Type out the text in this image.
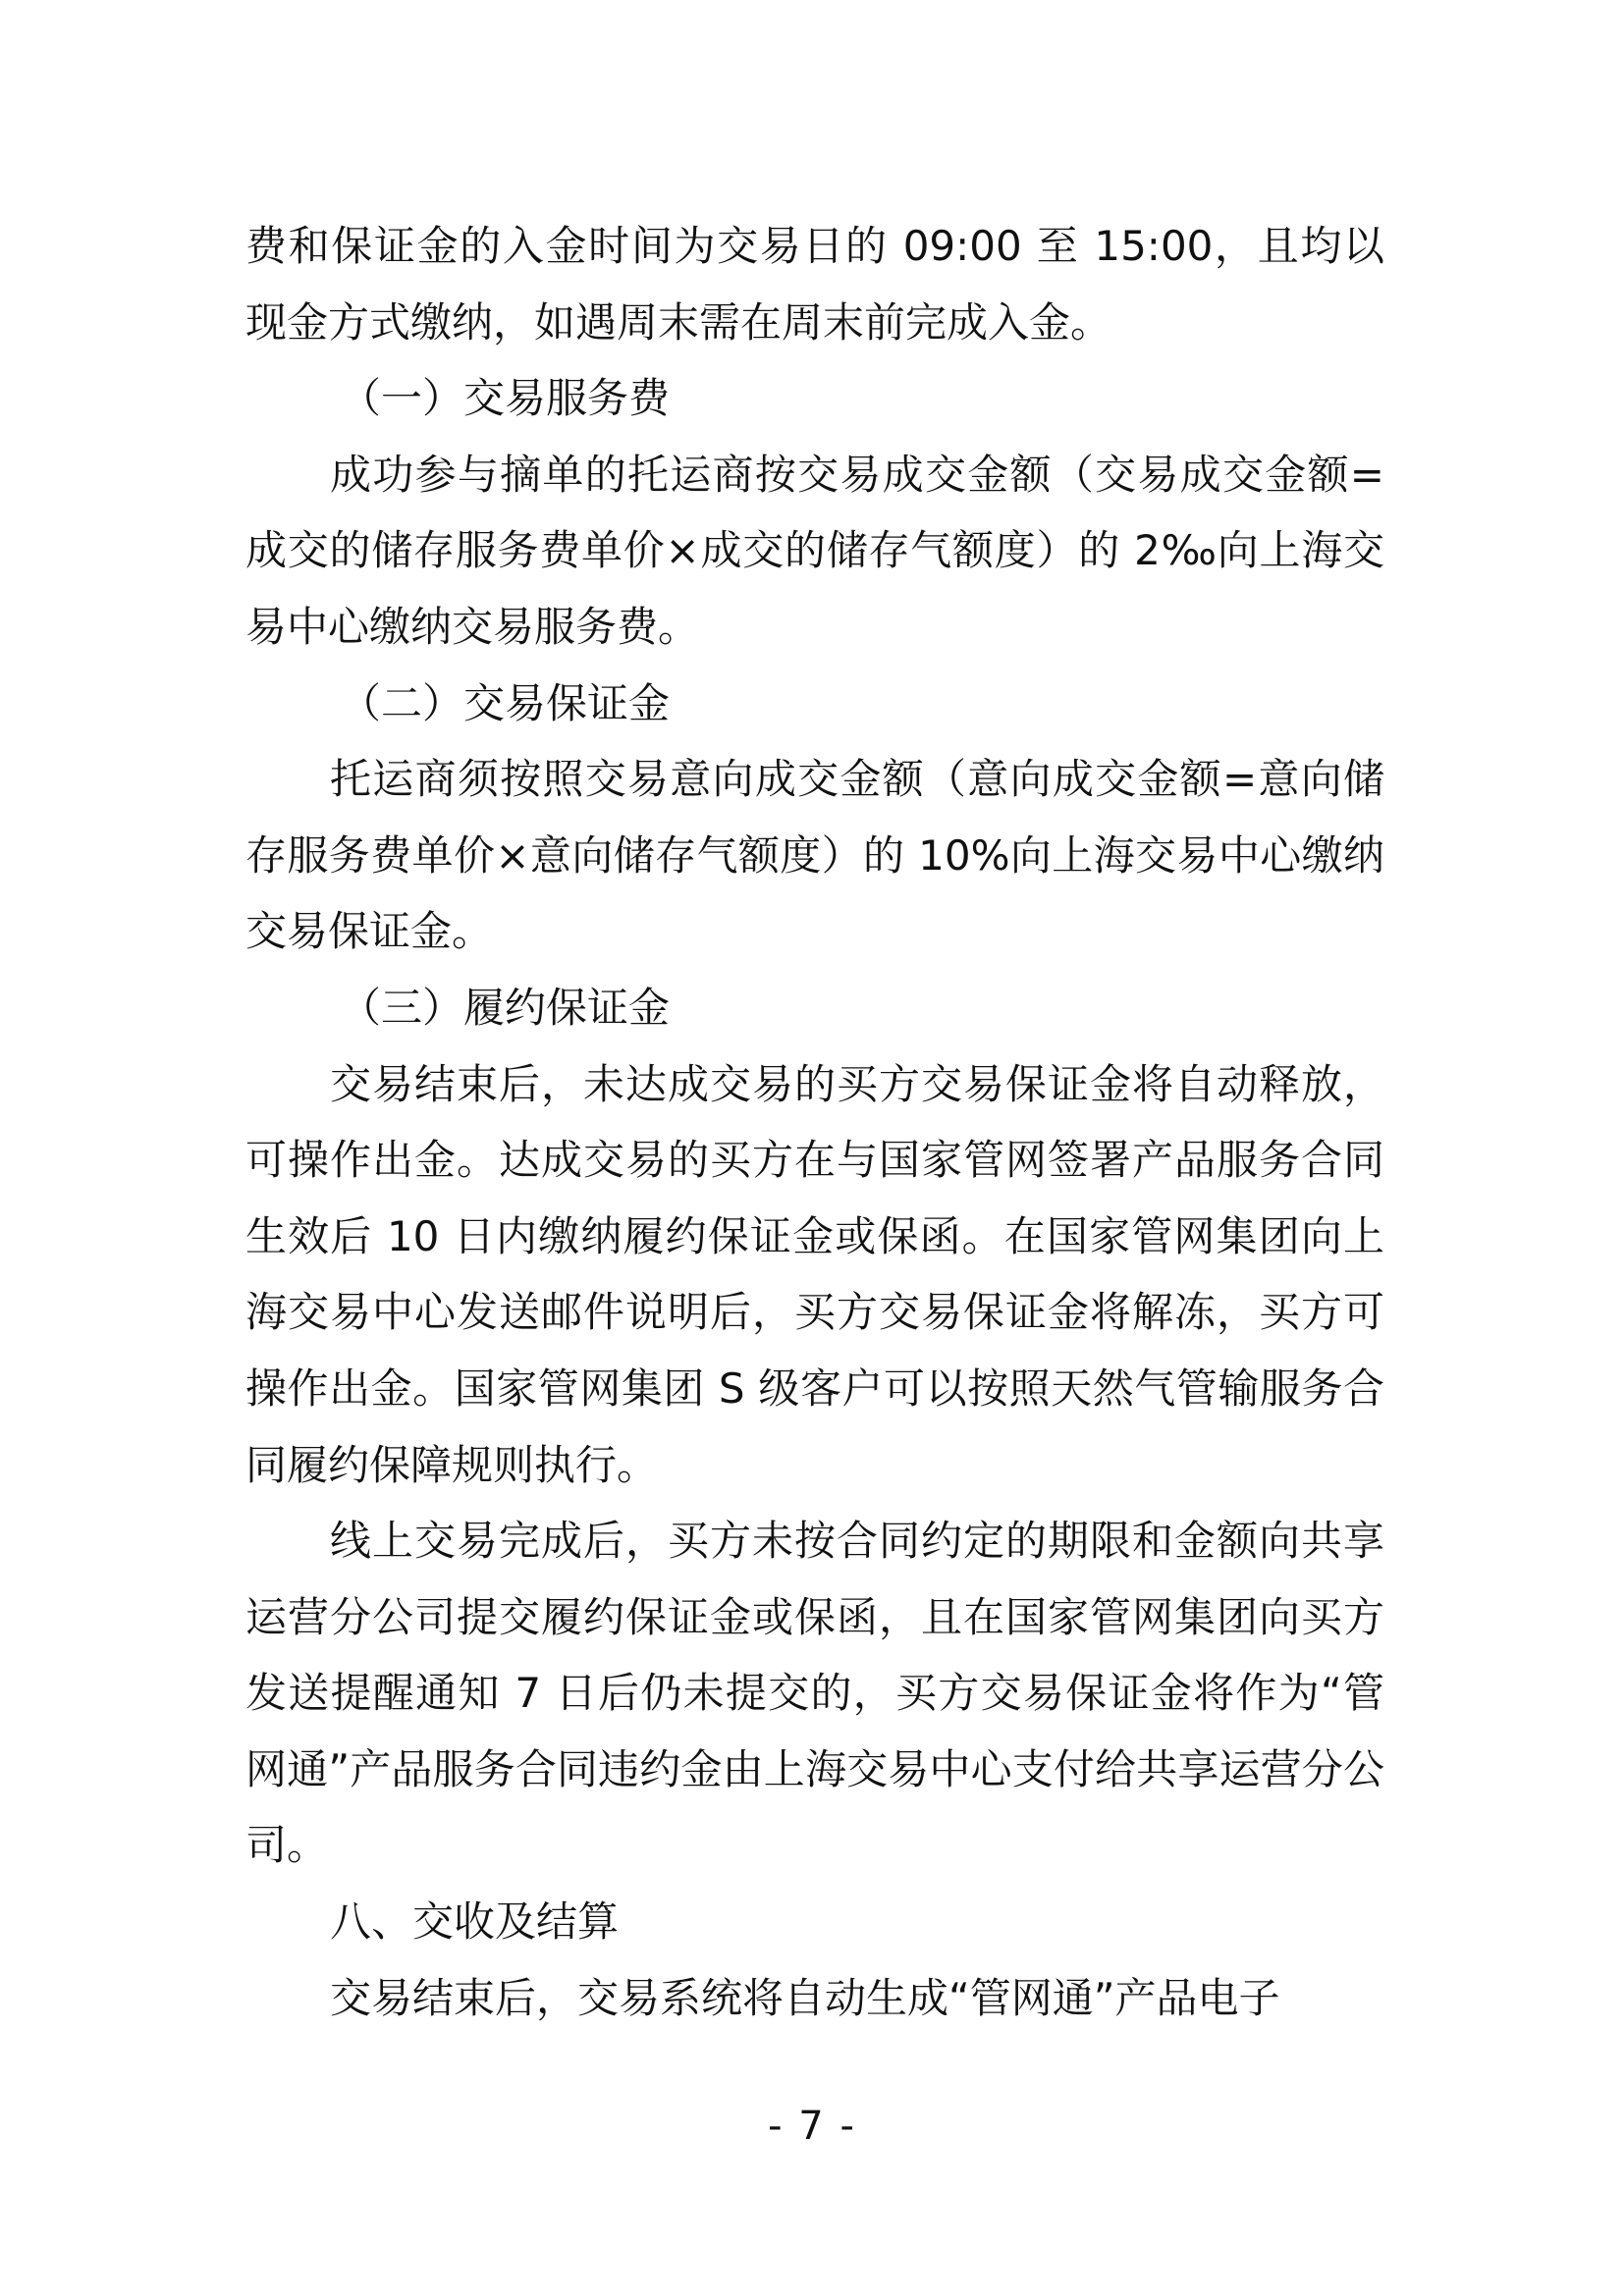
费和保证金的入金时间为交易日的 09:00 至 15:00，且均以现金方式缴纳，如遇周末需在周末前完成入金。

（一）交易服务费

成功参与摘单的托运商按交易成交金额（交易成交金额=成交的储存服务费单价×成交的储存气额度）的 2‰向上海交易中心缴纳交易服务费。

（二）交易保证金

托运商须按照交易意向成交金额（意向成交金额=意向储存服务费单价×意向储存气额度）的 10%向上海交易中心缴纳交易保证金。

（三）履约保证金

交易结束后，未达成交易的买方交易保证金将自动释放，可操作出金。达成交易的买方在与国家管网签署产品服务合同生效后 10 日内缴纳履约保证金或保函。在国家管网集团向上海交易中心发送邮件说明后，买方交易保证金将解冻，买方可操作出金。国家管网集团 S 级客户可以按照天然气管输服务合同履约保障规则执行。

线上交易完成后，买方未按合同约定的期限和金额向共享运营分公司提交履约保证金或保函，且在国家管网集团向买方发送提醒通知 7 日后仍未提交的，买方交易保证金将作为“管网通”产品服务合同违约金由上海交易中心支付给共享运营分公司。

八、交收及结算

交易结束后，交易系统将自动生成“管网通”产品电子

- 7 -
